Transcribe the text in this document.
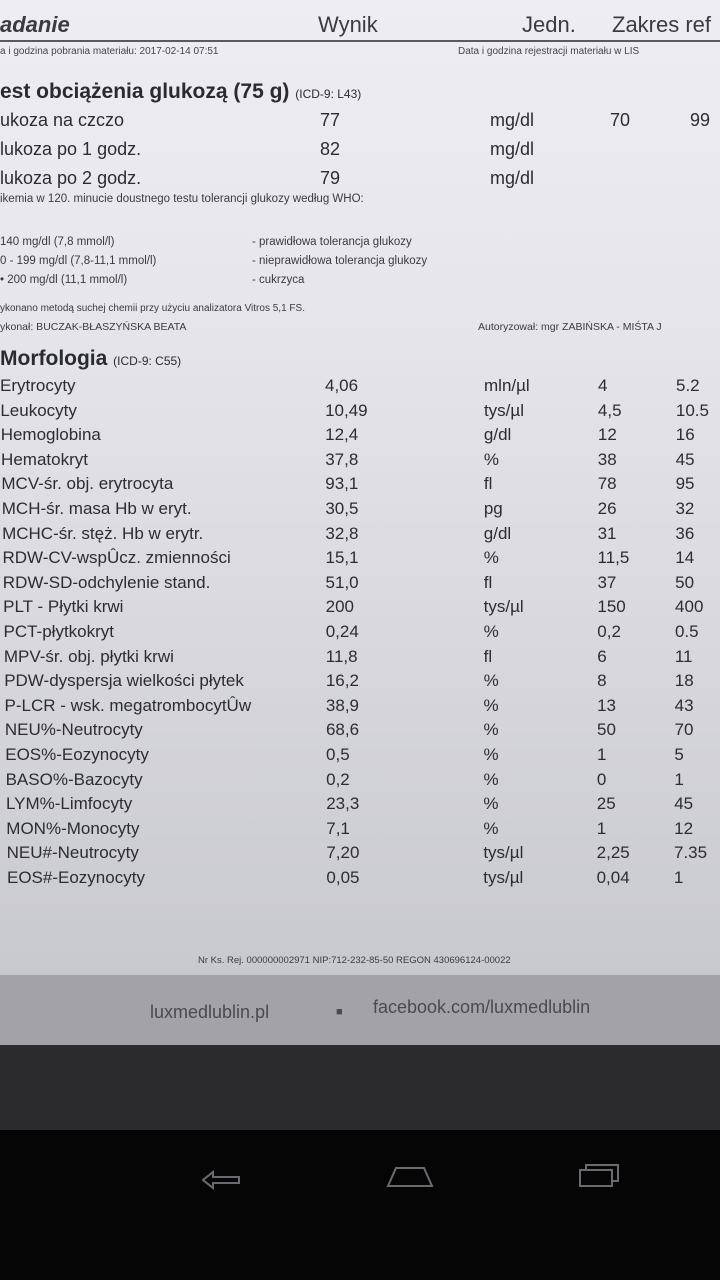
adanie	Wynik	Jedn. Zakres ref
a i godzina pobrania materiału: 2017-02-14 07:51	Data i godzina rejestracji materiału w LIS
est obciążenia glukozą (75 g) (ICD-9: L43)
ukoza na czczo	77	mg/dl	70	99
lukoza po 1 godz.	82	mg/dl
lukoza po 2 godz.	79	mg/dl
ikemia w 120. minucie doustnego testu tolerancji glukozy według WHO:
140 mg/dl (7,8 mmol/l)	- prawidłowa tolerancja glukozy
0 - 199 mg/dl (7,8-11,1 mmol/l)	- nieprawidłowa tolerancja glukozy
• 200 mg/dl (11,1 mmol/l)	- cukrzyca
ykonano metodą suchej chemii przy użyciu analizatora Vitros 5,1 FS.
ykonał: BUCZAK-BŁASZYŃSKA BEATA	Autoryzował: mgr ZABIŃSKA - MIŚTA J
Morfologia (ICD-9: C55)
Erytrocyty	4,06	mln/µl	4	5.2
Leukocyty	10,49	tys/µl	4,5	10.5
Hemoglobina	12,4	g/dl	12	16
Hematokryt	37,8	%	38	45
MCV-śr. obj. erytrocyta	93,1	fl	78	95
MCH-śr. masa Hb w eryt.	30,5	pg	26	32
MCHC-śr. stęż. Hb w erytr.	32,8	g/dl	31	36
RDW-CV-wspÛcz. zmienności	15,1	%	11,5	14
RDW-SD-odchylenie stand.	51,0	fl	37	50
PLT - Płytki krwi	200	tys/µl	150	400
PCT-płytkokryt	0,24	%	0,2	0.5
MPV-śr. obj. płytki krwi	11,8	fl	6	11
PDW-dyspersja wielkości płytek	16,2	%	8	18
P-LCR - wsk. megatrombocytÛw	38,9	%	13	43
NEU%-Neutrocyty	68,6	%	50	70
EOS%-Eozynocyty	0,5	%	1	5
BASO%-Bazocyty	0,2	%	0	1
LYM%-Limfocyty	23,3	%	25	45
MON%-Monocyty	7,1	%	1	12
NEU#-Neutrocyty	7,20	tys/µl	2,25	7.35
EOS#-Eozynocyty	0,05	tys/µl	0,04	1
Nr Ks. Rej. 000000002971 NIP:712-232-85-50 REGON 430696124-00022
luxmedlublin.pl	■ facebook.com/luxmedlublin
